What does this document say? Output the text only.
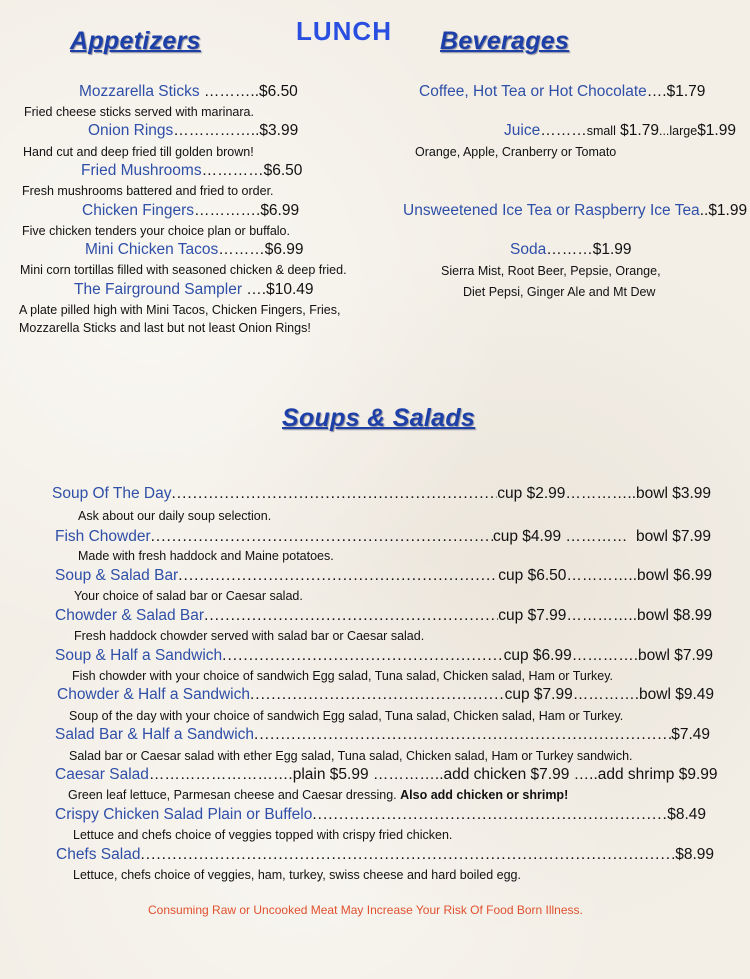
LUNCH
Appetizers	Beverages
Mozzarella Sticks ………..$6.50
Fried cheese sticks served with marinara.
Onion Rings……………..$3.99
Hand cut and deep fried till golden brown!
Fried Mushrooms…………$6.50
Fresh mushrooms battered and fried to order.
Chicken Fingers………….$6.99
Five chicken tenders your choice plan or buffalo.
Mini Chicken Tacos………$6.99
Mini corn tortillas filled with seasoned chicken & deep fried.
The Fairground Sampler ….$10.49
A plate pilled high with Mini Tacos, Chicken Fingers, Fries,
Mozzarella Sticks and last but not least Onion Rings!
Coffee, Hot Tea or Hot Chocolate….$1.79
Juice………small $1.79...large$1.99
Orange, Apple, Cranberry or Tomato
Unsweetened Ice Tea or Raspberry Ice Tea..$1.99
Soda………$1.99
Sierra Mist, Root Beer, Pepsie, Orange,
Diet Pepsi, Ginger Ale and Mt Dew
Soups & Salads
Soup Of The Day .....	cup $2.99 ………….. bowl $3.99
Ask about our daily soup selection.
Fish Chowder .....	cup $4.99 ………… bowl $7.99
Made with fresh haddock and Maine potatoes.
Soup & Salad Bar .....	cup $6.50 ………….. bowl $6.99
Your choice of salad bar or Caesar salad.
Chowder & Salad Bar .....	cup $7.99 ………….. bowl $8.99
Fresh haddock chowder served with salad bar or Caesar salad.
Soup & Half a Sandwich .....	cup $6.99 …………. bowl $7.99
Fish chowder with your choice of sandwich Egg salad, Tuna salad, Chicken salad, Ham or Turkey.
Chowder & Half a Sandwich .....	cup $7.99 …………. bowl $9.49
Soup of the day with your choice of sandwich Egg salad, Tuna salad, Chicken salad, Ham or Turkey.
Salad Bar & Half a Sandwich .....	$7.49
Salad bar or Caesar salad with ether Egg salad, Tuna salad, Chicken salad, Ham or Turkey sandwich.
Caesar Salad……………………….plain $5.99 …………..add chicken $7.99 …..add shrimp $9.99
Green leaf lettuce, Parmesan cheese and Caesar dressing. Also add chicken or shrimp!
Crispy Chicken Salad Plain or Buffelo .....	$8.49
Lettuce and chefs choice of veggies topped with crispy fried chicken.
Chefs Salad .....	$8.99
Lettuce, chefs choice of veggies, ham, turkey, swiss cheese and hard boiled egg.
Consuming Raw or Uncooked Meat May Increase Your Risk Of Food Born Illness.
